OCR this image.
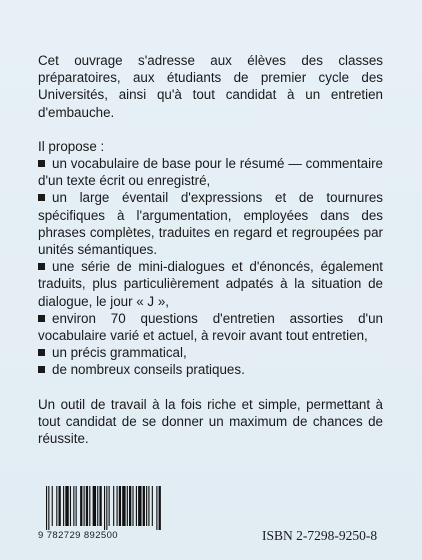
Cet ouvrage s'adresse aux élèves des classes préparatoires, aux étudiants de premier cycle des Universités, ainsi qu'à tout candidat à un entretien d'embauche.

Il propose :

un vocabulaire de base pour le résumé — commentaire d'un texte écrit ou enregistré,

un large éventail d'expressions et de tournures spécifiques à l'argumentation, employées dans des phrases complètes, traduites en regard et regroupées par unités sémantiques.

une série de mini-dialogues et d'énoncés, également traduits, plus particulièrement adpatés à la situation de dialogue, le jour « J »,

environ 70 questions d'entretien assorties d'un vocabulaire varié et actuel, à revoir avant tout entretien,

un précis grammatical,

de nombreux conseils pratiques.

Un outil de travail à la fois riche et simple, permettant à tout candidat de se donner un maximum de chances de réussite.

9 782729 892500	ISBN 2-7298-9250-8
